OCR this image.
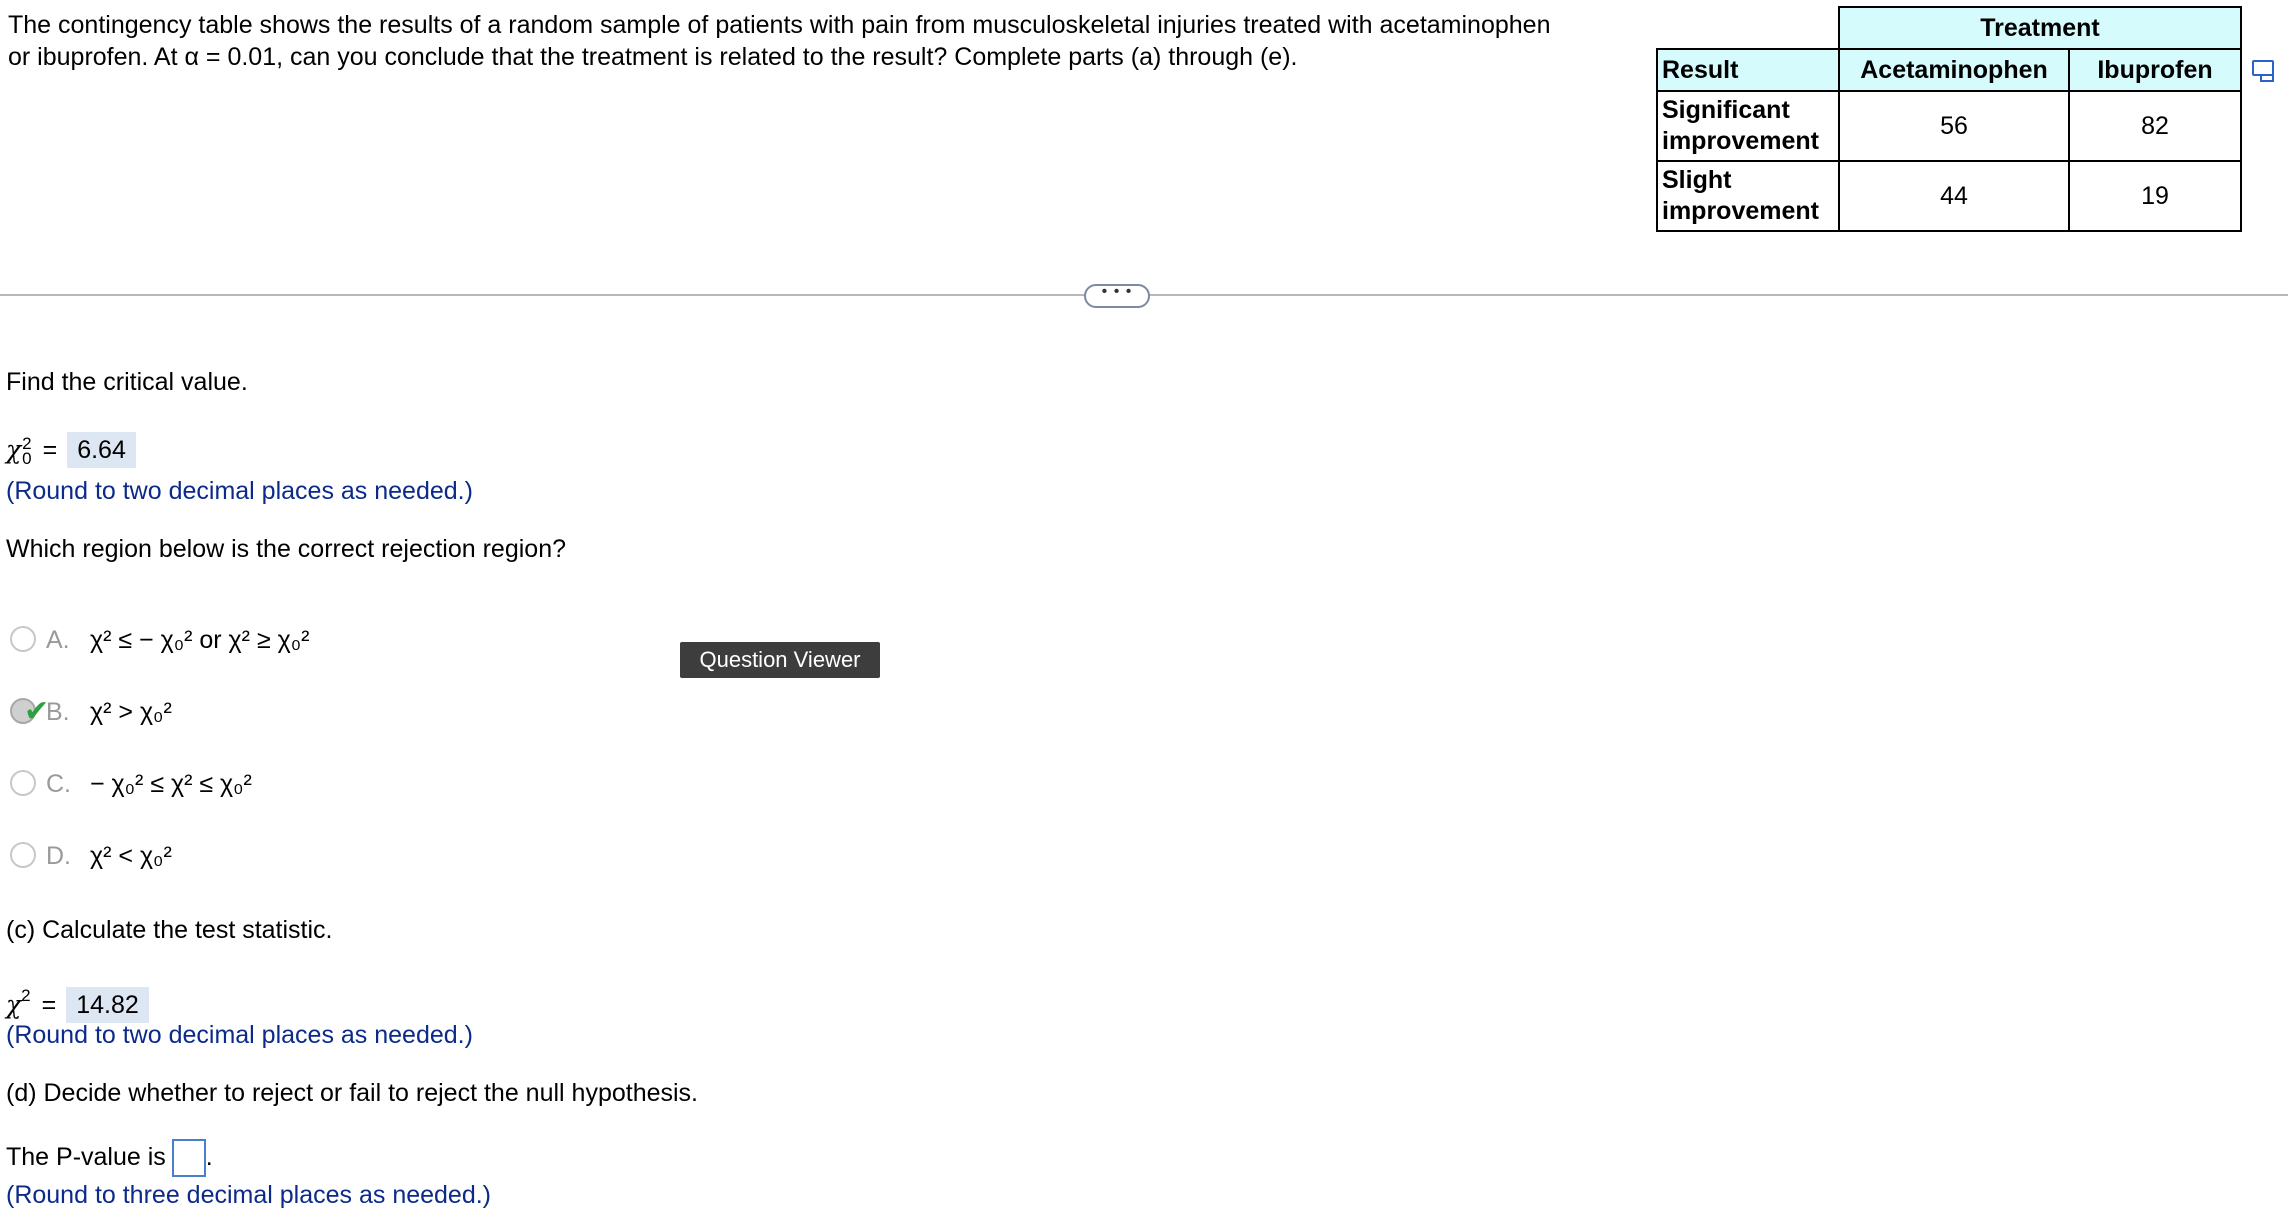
The contingency table shows the results of a random sample of patients with pain from musculoskeletal injuries treated with acetaminophen
or ibuprofen. At α = 0.01, can you conclude that the treatment is related to the result? Complete parts (a) through (e).
	Treatment	
Result	Acetaminophen	Ibuprofen

Significant
improvement	56	82

Slight
improvement	44	19
• • •
Find the critical value.
χ 2
0 = 6.64
(Round to two decimal places as needed.)
Which region below is the correct rejection region?
A. χ² ≤ − χ₀² or χ² ≥ χ₀²
✔
B. χ² > χ₀²
C. − χ₀² ≤ χ² ≤ χ₀²
D. χ² < χ₀²
Question Viewer
(c) Calculate the test statistic.
$\chi^2 = 14.82$
(Round to two decimal places as needed.)
(d) Decide whether to reject or fail to reject the null hypothesis.
The P-value is .
(Round to three decimal places as needed.)
